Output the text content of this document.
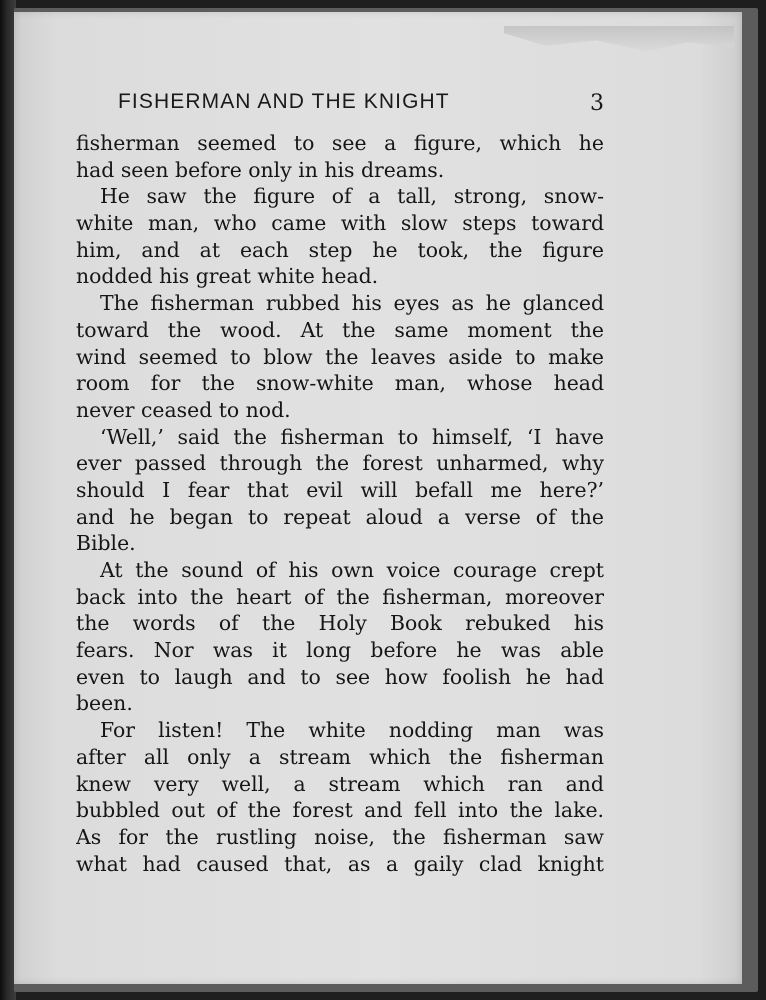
FISHERMAN AND THE KNIGHT	3
fisherman seemed to see a figure, which he
had seen before only in his dreams.
He saw the figure of a tall, strong, snow-
white man, who came with slow steps toward
him, and at each step he took, the figure
nodded his great white head.
The fisherman rubbed his eyes as he glanced
toward the wood. At the same moment the
wind seemed to blow the leaves aside to make
room for the snow-white man, whose head
never ceased to nod.
‘Well,’ said the fisherman to himself, ‘I have
ever passed through the forest unharmed, why
should I fear that evil will befall me here?’
and he began to repeat aloud a verse of the
Bible.
At the sound of his own voice courage crept
back into the heart of the fisherman, moreover
the words of the Holy Book rebuked his
fears. Nor was it long before he was able
even to laugh and to see how foolish he had
been.
For listen! The white nodding man was
after all only a stream which the fisherman
knew very well, a stream which ran and
bubbled out of the forest and fell into the lake.
As for the rustling noise, the fisherman saw
what had caused that, as a gaily clad knight
